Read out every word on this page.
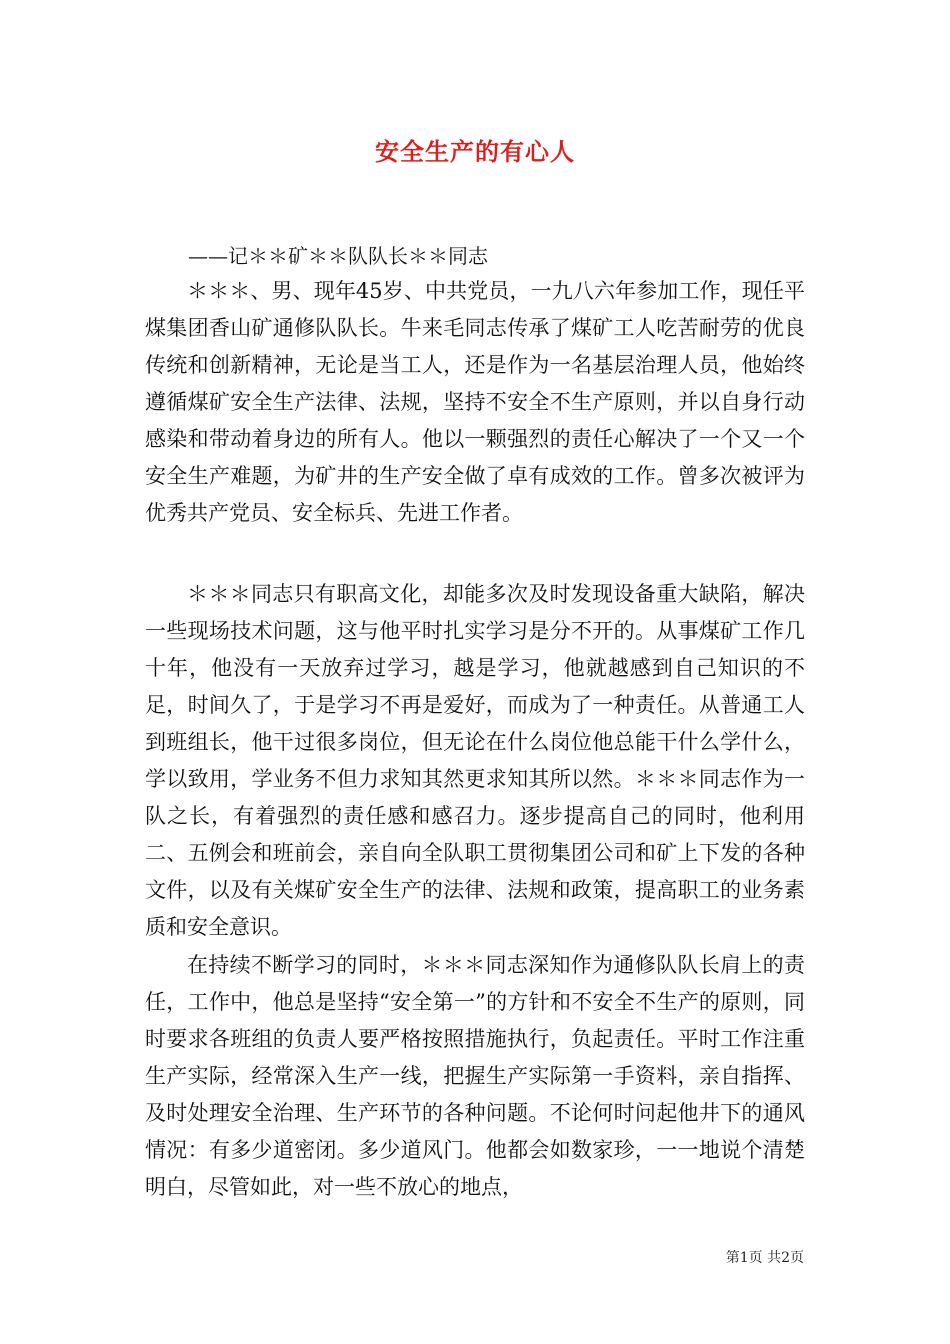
安全生产的有心人
——记＊＊矿＊＊队队长＊＊同志

＊＊＊、男、现年45岁、中共党员，一九八六年参加工作，现任平煤集团香山矿通修队队长。牛来毛同志传承了煤矿工人吃苦耐劳的优良传统和创新精神，无论是当工人，还是作为一名基层治理人员，他始终遵循煤矿安全生产法律、法规，坚持不安全不生产原则，并以自身行动感染和带动着身边的所有人。他以一颗强烈的责任心解决了一个又一个安全生产难题，为矿井的生产安全做了卓有成效的工作。曾多次被评为优秀共产党员、安全标兵、先进工作者。

＊＊＊同志只有职高文化，却能多次及时发现设备重大缺陷，解决一些现场技术问题，这与他平时扎实学习是分不开的。从事煤矿工作几十年，他没有一天放弃过学习，越是学习，他就越感到自己知识的不足，时间久了，于是学习不再是爱好，而成为了一种责任。从普通工人到班组长，他干过很多岗位，但无论在什么岗位他总能干什么学什么，学以致用，学业务不但力求知其然更求知其所以然。＊＊＊同志作为一队之长，有着强烈的责任感和感召力。逐步提高自己的同时，他利用二、五例会和班前会，亲自向全队职工贯彻集团公司和矿上下发的各种文件，以及有关煤矿安全生产的法律、法规和政策，提高职工的业务素质和安全意识。

在持续不断学习的同时，＊＊＊同志深知作为通修队队长肩上的责任，工作中，他总是坚持“安全第一”的方针和不安全不生产的原则，同时要求各班组的负责人要严格按照措施执行，负起责任。平时工作注重生产实际，经常深入生产一线，把握生产实际第一手资料，亲自指挥、及时处理安全治理、生产环节的各种问题。不论何时问起他井下的通风情况：有多少道密闭。多少道风门。他都会如数家珍，一一地说个清楚明白，尽管如此，对一些不放心的地点，

第1页 共2页
